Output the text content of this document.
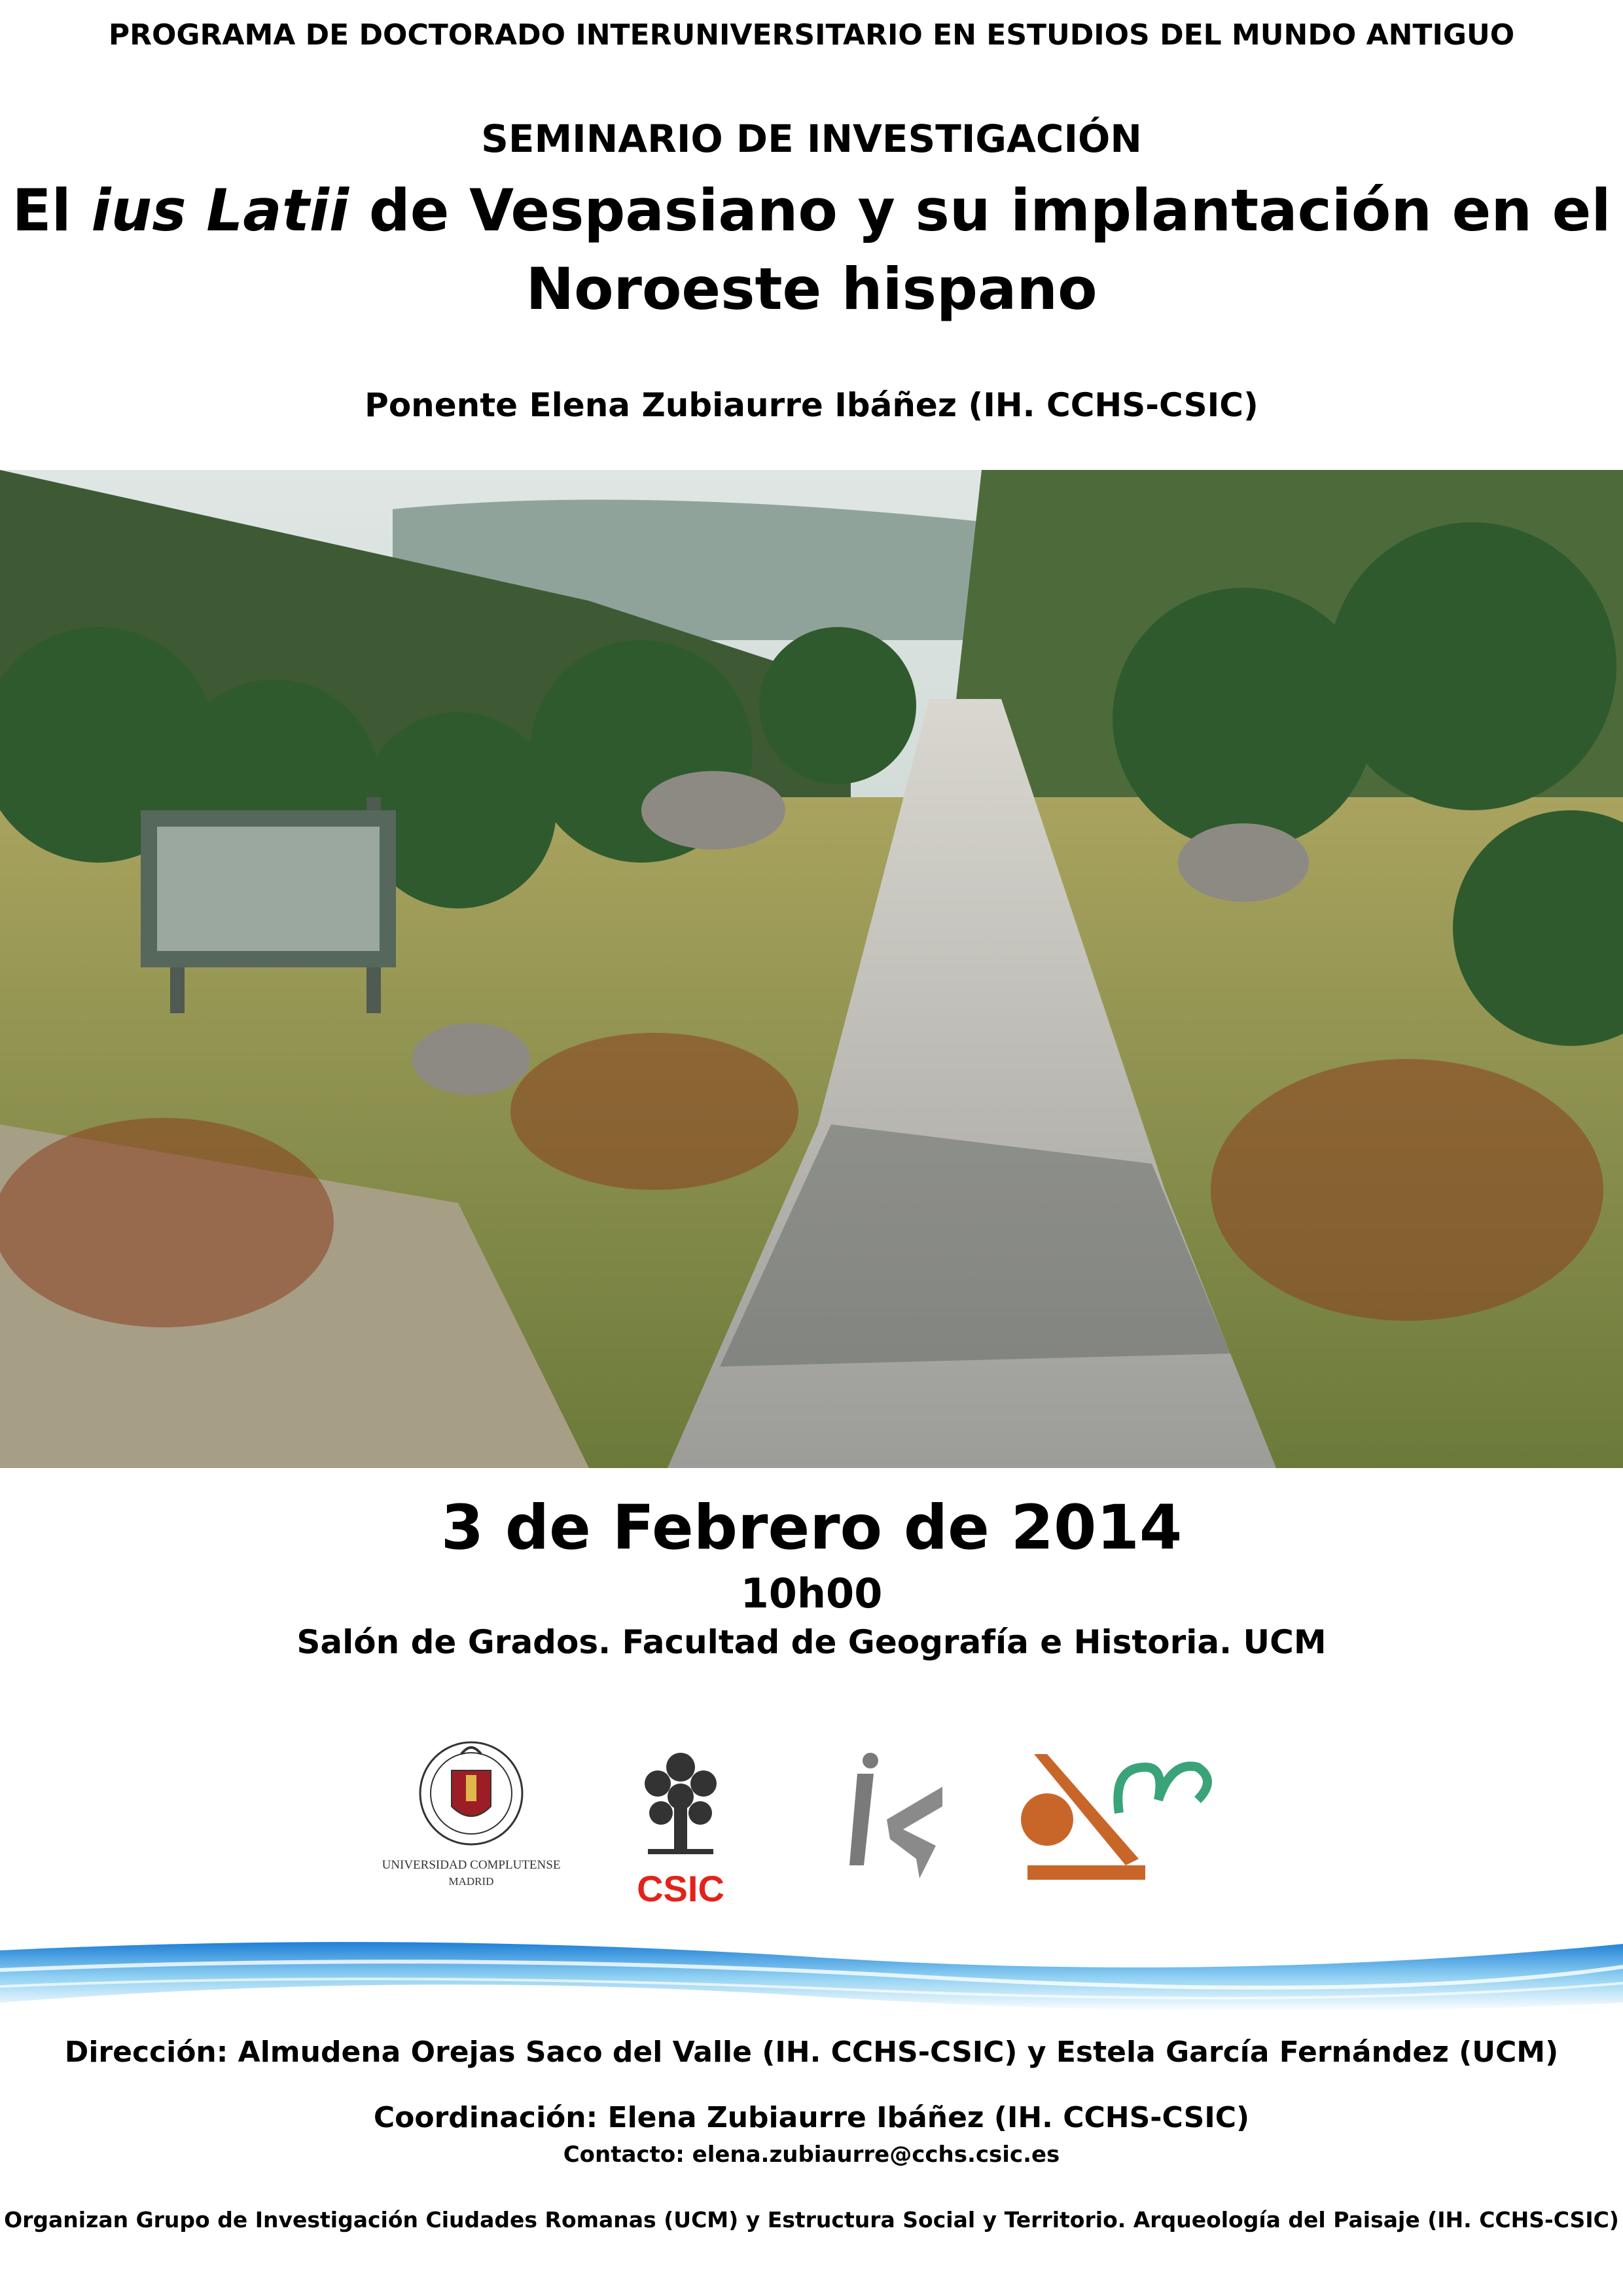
PROGRAMA DE DOCTORADO INTERUNIVERSITARIO EN ESTUDIOS DEL MUNDO ANTIGUO
SEMINARIO DE INVESTIGACIÓN
El ius Latii de Vespasiano y su implantación en el
Noroeste hispano
Ponente Elena Zubiaurre Ibáñez (IH. CCHS-CSIC)
3 de Febrero de 2014
10h00
Salón de Grados. Facultad de Geografía e Historia. UCM
UNIVERSIDAD COMPLUTENSE
MADRID	CSIC
Dirección: Almudena Orejas Saco del Valle (IH. CCHS-CSIC) y Estela García Fernández (UCM)
Coordinación: Elena Zubiaurre Ibáñez (IH. CCHS-CSIC)
Contacto: elena.zubiaurre@cchs.csic.es
Organizan Grupo de Investigación Ciudades Romanas (UCM) y Estructura Social y Territorio. Arqueología del Paisaje (IH. CCHS-CSIC)
